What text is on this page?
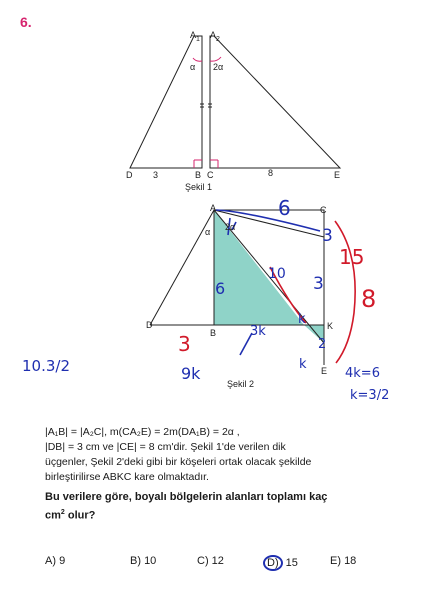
6.
$A_1$ $A_2$
α 2α
D 3	B C	8	E
Şekil 1
A	C
α 2α
D
B
K
E
Şekil 2
6
3
3
10
6
3k
k
2
k
9k
3
15
8
10.3/2	4k=6
k=3/2
|A₁B| = |A₂C|, m(CA₂E) = 2m(DA₁B) = 2α ,
|DB| = 3 cm ve |CE| = 8 cm'dir. Şekil 1'de verilen dik
üçgenler, Şekil 2'deki gibi bir köşeleri ortak olacak şekilde
birleştirilirse ABKC kare olmaktadır.
Bu verilere göre, boyalı bölgelerin alanları toplamı kaç
$cm^2$ olur?
A) 9	B) 10	C) 12	D) 15	E) 18
